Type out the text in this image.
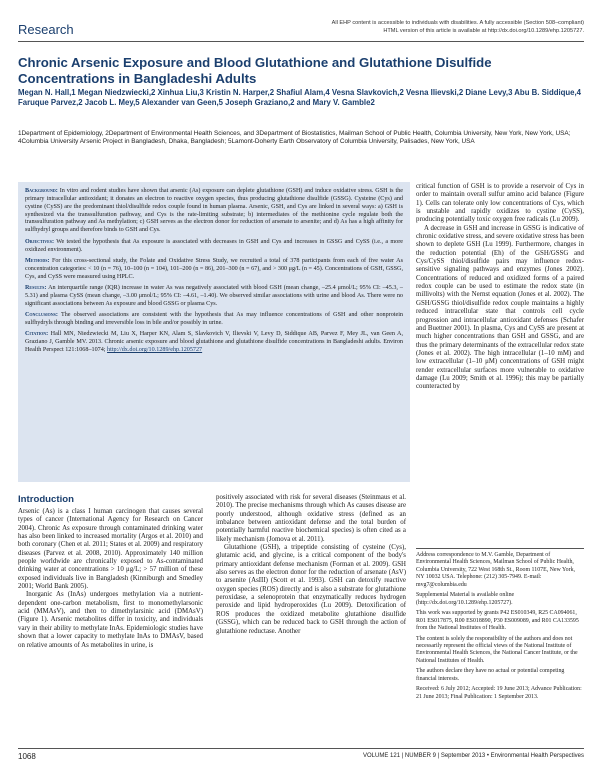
All EHP content is accessible to individuals with disabilities. A fully accessible (Section 508–compliant)
HTML version of this article is available at http://dx.doi.org/10.1289/ehp.1205727.
Research
Chronic Arsenic Exposure and Blood Glutathione and Glutathione Disulfide Concentrations in Bangladeshi Adults
Megan N. Hall,1 Megan Niedzwiecki,2 Xinhua Liu,3 Kristin N. Harper,2 Shafiul Alam,4 Vesna Slavkovich,2 Vesna Ilievski,2 Diane Levy,3 Abu B. Siddique,4 Faruque Parvez,2 Jacob L. Mey,5 Alexander van Geen,5 Joseph Graziano,2 and Mary V. Gamble2
1Department of Epidemiology, 2Department of Environmental Health Sciences, and 3Department of Biostatistics, Mailman School of Public Health, Columbia University, New York, New York, USA; 4Columbia University Arsenic Project in Bangladesh, Dhaka, Bangladesh; 5Lamont-Doherty Earth Observatory of Columbia University, Palisades, New York, USA

Background: In vitro and rodent studies have shown that arsenic (As) exposure can deplete glutathione (GSH) and induce oxidative stress. GSH is the primary intracellular antioxidant; it donates an electron to reactive oxygen species, thus producing glutathione disulfide (GSSG). Cysteine (Cys) and cystine (CySS) are the predominant thiol/disulfide redox couple found in human plasma. Arsenic, GSH, and Cys are linked in several ways: a) GSH is synthesized via the transsulfuration pathway, and Cys is the rate-limiting substrate; b) intermediates of the methionine cycle regulate both the transsulfuration pathway and As methylation; c) GSH serves as the electron donor for reduction of arsenate to arsenite; and d) As has a high affinity for sulfhydryl groups and therefore binds to GSH and Cys.

Objectives: We tested the hypothesis that As exposure is associated with decreases in GSH and Cys and increases in GSSG and CySS (i.e., a more oxidized environment).

Methods: For this cross-sectional study, the Folate and Oxidative Stress Study, we recruited a total of 378 participants from each of five water As concentration categories: < 10 (n = 76), 10–100 (n = 104), 101–200 (n = 86), 201–300 (n = 67), and > 300 μg/L (n = 45). Concentrations of GSH, GSSG, Cys, and CySS were measured using HPLC.

Results: An interquartile range (IQR) increase in water As was negatively associated with blood GSH (mean change, –25.4 μmol/L; 95% CI: –45.3, –5.31) and plasma CySS (mean change, –3.00 μmol/L; 95% CI: –4.61, –1.40). We observed similar associations with urine and blood As. There were no significant associations between As exposure and blood GSSG or plasma Cys.

Conclusions: The observed associations are consistent with the hypothesis that As may influence concentrations of GSH and other nonprotein sulfhydryls through binding and irreversible loss in bile and/or possibly in urine.

Citation: Hall MN, Niedzwiecki M, Liu X, Harper KN, Alam S, Slavkovich V, Ilievski V, Levy D, Siddique AB, Parvez F, Mey JL, van Geen A, Graziano J, Gamble MV. 2013. Chronic arsenic exposure and blood glutathione and glutathione disulfide concentrations in Bangladeshi adults. Environ Health Perspect 121:1068–1074; http://dx.doi.org/10.1289/ehp.1205727

critical function of GSH is to provide a reservoir of Cys in order to maintain overall sulfur amino acid balance (Figure 1). Cells can tolerate only low concentrations of Cys, which is unstable and rapidly oxidizes to cystine (CySS), producing potentially toxic oxygen free radicals (Lu 2009).

A decrease in GSH and increase in GSSG is indicative of chronic oxidative stress, and severe oxidative stress has been shown to deplete GSH (Lu 1999). Furthermore, changes in the reduction potential (Eh) of the GSH/GSSG and Cys/CySS thiol/disulfide pairs may influence redox-sensitive signaling pathways and enzymes (Jones 2002). Concentrations of reduced and oxidized forms of a paired redox couple can be used to estimate the redox state (in millivolts) with the Nernst equation (Jones et al. 2002). The GSH/GSSG thiol/disulfide redox couple maintains a highly reduced intracellular state that controls cell cycle progression and intracellular antioxidant defenses (Schafer and Buettner 2001). In plasma, Cys and CySS are present at much higher concentrations than GSH and GSSG, and are thus the primary determinants of the extracellular redox state (Jones et al. 2002). The high intracellular (1–10 mM) and low extracellular (1–10 μM) concentrations of GSH might render extracellular surfaces more vulnerable to oxidative damage (Lu 2009; Smith et al. 1996); this may be partially counteracted by

Introduction

Arsenic (As) is a class I human carcinogen that causes several types of cancer (International Agency for Research on Cancer 2004). Chronic As exposure through contaminated drinking water has also been linked to increased mortality (Argos et al. 2010) and both coronary (Chen et al. 2011; States et al. 2009) and respiratory diseases (Parvez et al. 2008, 2010). Approximately 140 million people worldwide are chronically exposed to As-contaminated drinking water at concentrations > 10 μg/L; > 57 million of these exposed individuals live in Bangladesh (Kinniburgh and Smedley 2001; World Bank 2005).

Inorganic As (InAs) undergoes methylation via a nutrient-dependent one-carbon metabolism, first to monomethylarsonic acid (MMAsV), and then to dimethylarsinic acid (DMAsV) (Figure 1). Arsenic metabolites differ in toxicity, and individuals vary in their ability to methylate InAs. Epidemiologic studies have shown that a lower capacity to methylate InAs to DMAsV, based on relative amounts of As metabolites in urine, is

positively associated with risk for several diseases (Steinmaus et al. 2010). The precise mechanisms through which As causes disease are poorly understood, although oxidative stress (defined as an imbalance between antioxidant defense and the total burden of potentially harmful reactive biochemical species) is often cited as a likely mechanism (Jomova et al. 2011).

Glutathione (GSH), a tripeptide consisting of cysteine (Cys), glutamic acid, and glycine, is a critical component of the body's primary antioxidant defense mechanism (Forman et al. 2009). GSH also serves as the electron donor for the reduction of arsenate (AsV) to arsenite (AsIII) (Scott et al. 1993). GSH can detoxify reactive oxygen species (ROS) directly and is also a substrate for glutathione peroxidase, a selenoprotein that enzymatically reduces hydrogen peroxide and lipid hydroperoxides (Lu 2009). Detoxification of ROS produces the oxidized metabolite glutathione disulfide (GSSG), which can be reduced back to GSH through the action of glutathione reductase. Another

Address correspondence to M.V. Gamble, Department of Environmental Health Sciences, Mailman School of Public Health, Columbia University, 722 West 168th St., Room 1107E, New York, NY 10032 USA. Telephone: (212) 305-7949. E-mail: mvg7@columbia.edu

Supplemental Material is available online (http://dx.doi.org/10.1289/ehp.1205727).

This work was supported by grants P42 ES010349, R25 CA094061, R01 ES017875, R00 ES018890, P30 ES009089, and R01 CA133595 from the National Institutes of Health.

The content is solely the responsibility of the authors and does not necessarily represent the official views of the National Institute of Environmental Health Sciences, the National Cancer Institute, or the National Institutes of Health.

The authors declare they have no actual or potential competing financial interests.

Received: 6 July 2012; Accepted: 19 June 2013; Advance Publication: 21 June 2013; Final Publication: 1 September 2013.

1068	VOLUME 121 | NUMBER 9 | September 2013 • Environmental Health Perspectives
